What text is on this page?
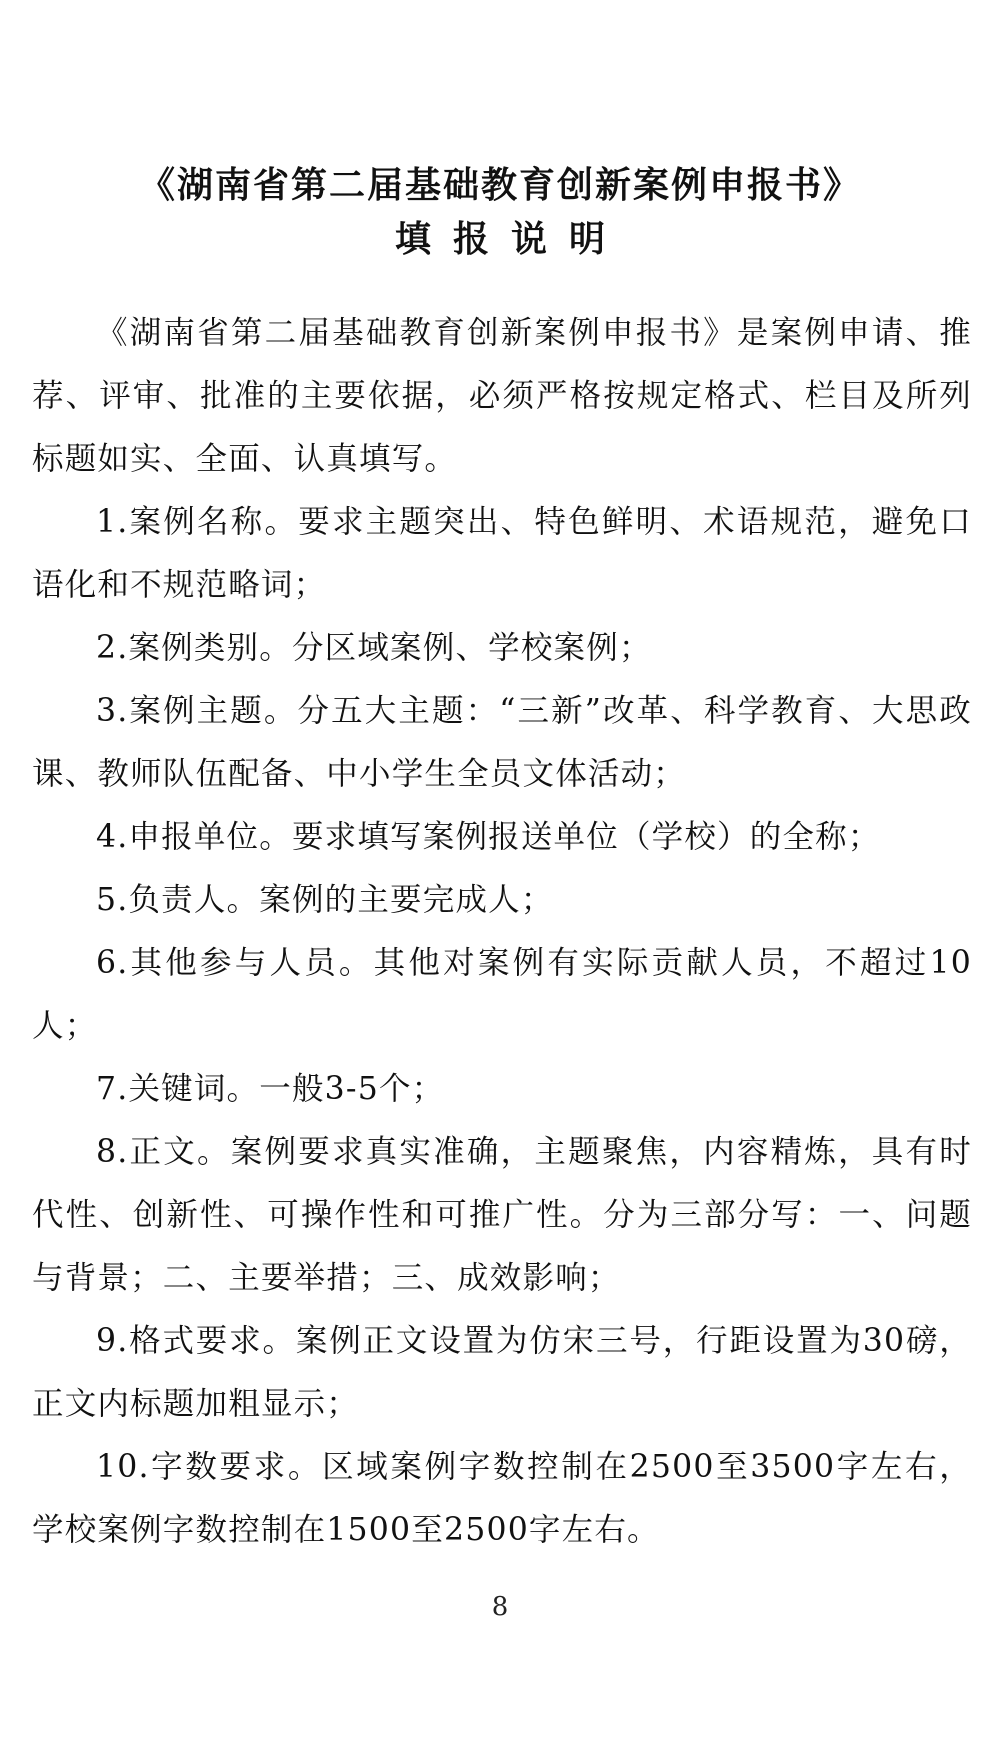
《湖南省第二届基础教育创新案例申报书》
填报说明

《湖南省第二届基础教育创新案例申报书》是案例申请、推荐、评审、批准的主要依据，必须严格按规定格式、栏目及所列标题如实、全面、认真填写。

1.案例名称。要求主题突出、特色鲜明、术语规范，避免口语化和不规范略词；

2.案例类别。分区域案例、学校案例；

3.案例主题。分五大主题：“三新”改革、科学教育、大思政课、教师队伍配备、中小学生全员文体活动；

4.申报单位。要求填写案例报送单位（学校）的全称；

5.负责人。案例的主要完成人；

6.其他参与人员。其他对案例有实际贡献人员，不超过10人；

7.关键词。一般3-5个；

8.正文。案例要求真实准确，主题聚焦，内容精炼，具有时代性、创新性、可操作性和可推广性。分为三部分写：一、问题与背景；二、主要举措；三、成效影响；

9.格式要求。案例正文设置为仿宋三号，行距设置为30磅，正文内标题加粗显示；

10.字数要求。区域案例字数控制在2500至3500字左右，学校案例字数控制在1500至2500字左右。

8
